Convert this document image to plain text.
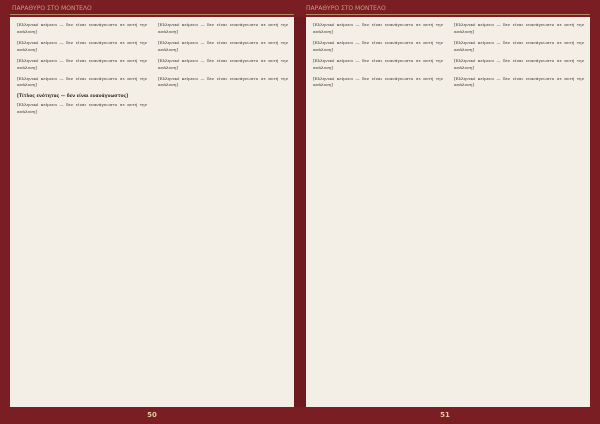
ΠΑΡΑΘΥΡΟ ΣΤΟ ΜΟΝΤΕΛΟ	ΠΑΡΑΘΥΡΟ ΣΤΟ ΜΟΝΤΕΛΟ

[Ελληνικό κείμενο — δεν είναι ευανάγνωστο σε αυτή την ανάλυση]

[Ελληνικό κείμενο — δεν είναι ευανάγνωστο σε αυτή την ανάλυση]

[Ελληνικό κείμενο — δεν είναι ευανάγνωστο σε αυτή την ανάλυση]

[Ελληνικό κείμενο — δεν είναι ευανάγνωστο σε αυτή την ανάλυση]

[Τίτλος ενότητας — δεν είναι ευανάγνωστος]

[Ελληνικό κείμενο — δεν είναι ευανάγνωστο σε αυτή την ανάλυση]

[Ελληνικό κείμενο — δεν είναι ευανάγνωστο σε αυτή την ανάλυση]

[Ελληνικό κείμενο — δεν είναι ευανάγνωστο σε αυτή την ανάλυση]

[Ελληνικό κείμενο — δεν είναι ευανάγνωστο σε αυτή την ανάλυση]

[Ελληνικό κείμενο — δεν είναι ευανάγνωστο σε αυτή την ανάλυση]

[Ελληνικό κείμενο — δεν είναι ευανάγνωστο σε αυτή την ανάλυση]

[Ελληνικό κείμενο — δεν είναι ευανάγνωστο σε αυτή την ανάλυση]

[Ελληνικό κείμενο — δεν είναι ευανάγνωστο σε αυτή την ανάλυση]

[Ελληνικό κείμενο — δεν είναι ευανάγνωστο σε αυτή την ανάλυση]

[Ελληνικό κείμενο — δεν είναι ευανάγνωστο σε αυτή την ανάλυση]

[Ελληνικό κείμενο — δεν είναι ευανάγνωστο σε αυτή την ανάλυση]

[Ελληνικό κείμενο — δεν είναι ευανάγνωστο σε αυτή την ανάλυση]

[Ελληνικό κείμενο — δεν είναι ευανάγνωστο σε αυτή την ανάλυση]

50	51
